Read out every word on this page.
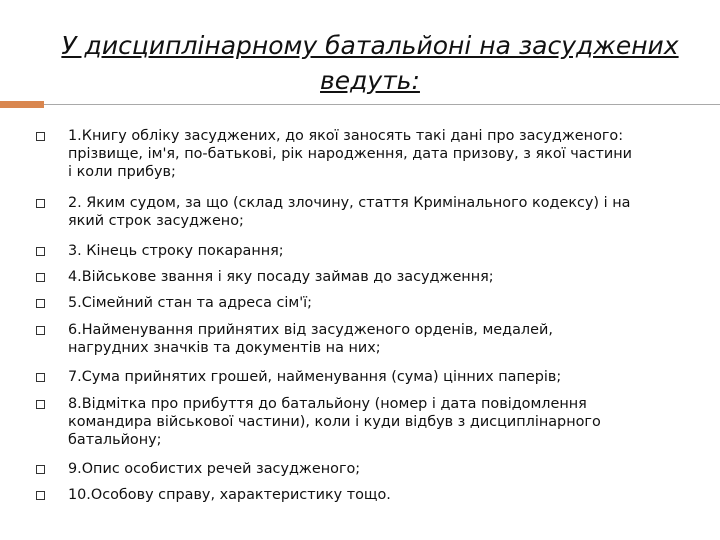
У дисциплінарному батальйоні на засуджених ведуть:
1.Книгу обліку засуджених, до якої заносять такі дані про засудженого: прізвище, ім'я, по-батькові, рік народження, дата призову, з якої частини і коли прибув;
2. Яким судом, за що (склад злочину, стаття Кримінального кодексу) і на який строк засуджено;
3. Кінець строку покарання;
4.Військове звання і яку посаду займав до засудження;
5.Сімейний стан та адреса сім'ї;
6.Найменування прийнятих від засудженого орденів, медалей, нагрудних значків та документів на них;
7.Сума прийнятих грошей, найменування (сума) цінних паперів;
8.Відмітка про прибуття до батальйону (номер і дата повідомлення командира військової частини), коли і куди відбув з дисциплінарного батальйону;
9.Опис особистих речей засудженого;
10.Особову справу, характеристику тощо.
